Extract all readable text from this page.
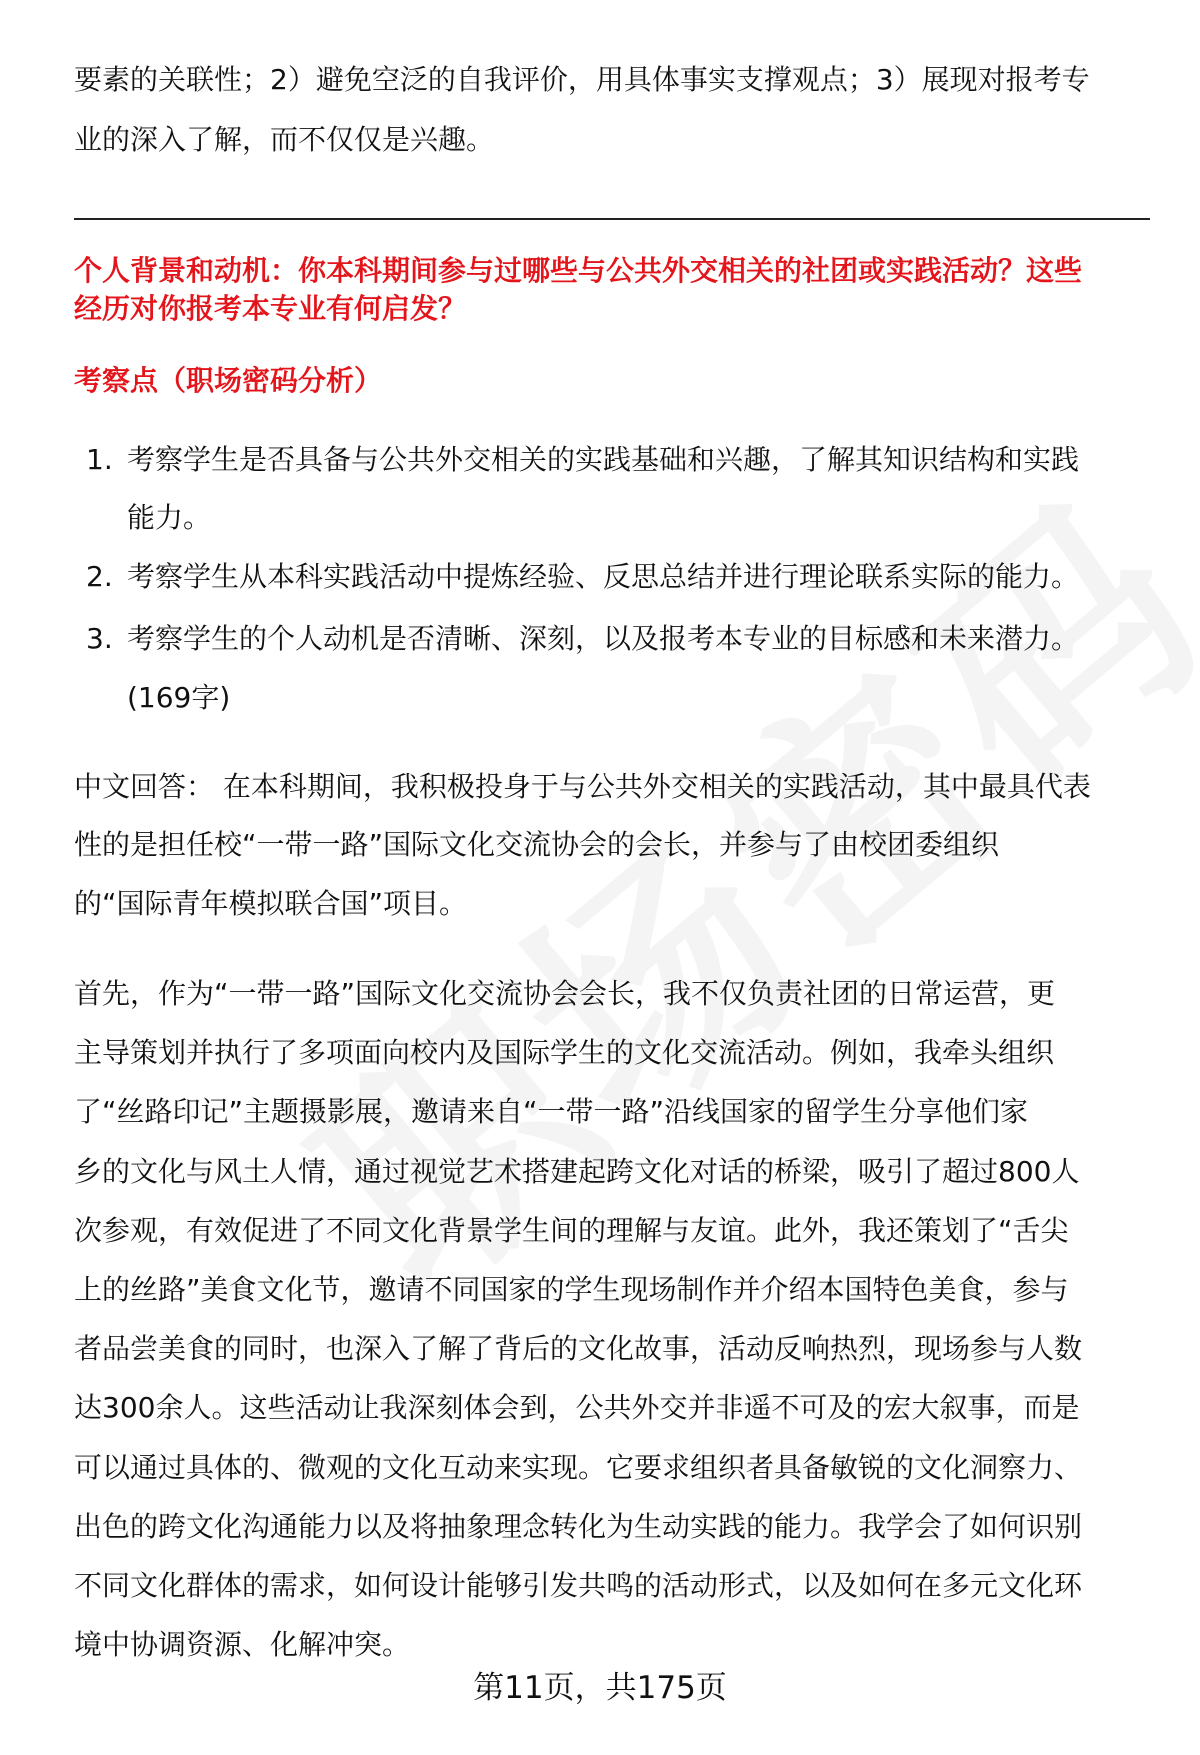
要素的关联性；2）避免空泛的自我评价，用具体事实支撑观点；3）展现对报考专
业的深入了解，而不仅仅是兴趣。
个人背景和动机：你本科期间参与过哪些与公共外交相关的社团或实践活动？这些
经历对你报考本专业有何启发？
考察点（职场密码分析）
1. 考察学生是否具备与公共外交相关的实践基础和兴趣，了解其知识结构和实践
能力。
2. 考察学生从本科实践活动中提炼经验、反思总结并进行理论联系实际的能力。
3. 考察学生的个人动机是否清晰、深刻，以及报考本专业的目标感和未来潜力。
(169字)
中文回答： 在本科期间，我积极投身于与公共外交相关的实践活动，其中最具代表
性的是担任校“一带一路”国际文化交流协会的会长，并参与了由校团委组织
的“国际青年模拟联合国”项目。
首先，作为“一带一路”国际文化交流协会会长，我不仅负责社团的日常运营，更
主导策划并执行了多项面向校内及国际学生的文化交流活动。例如，我牵头组织
了“丝路印记”主题摄影展，邀请来自“一带一路”沿线国家的留学生分享他们家
乡的文化与风土人情，通过视觉艺术搭建起跨文化对话的桥梁，吸引了超过800人
次参观，有效促进了不同文化背景学生间的理解与友谊。此外，我还策划了“舌尖
上的丝路”美食文化节，邀请不同国家的学生现场制作并介绍本国特色美食，参与
者品尝美食的同时，也深入了解了背后的文化故事，活动反响热烈，现场参与人数
达300余人。这些活动让我深刻体会到，公共外交并非遥不可及的宏大叙事，而是
可以通过具体的、微观的文化互动来实现。它要求组织者具备敏锐的文化洞察力、
出色的跨文化沟通能力以及将抽象理念转化为生动实践的能力。我学会了如何识别
不同文化群体的需求，如何设计能够引发共鸣的活动形式，以及如何在多元文化环
境中协调资源、化解冲突。
第11页，共175页
